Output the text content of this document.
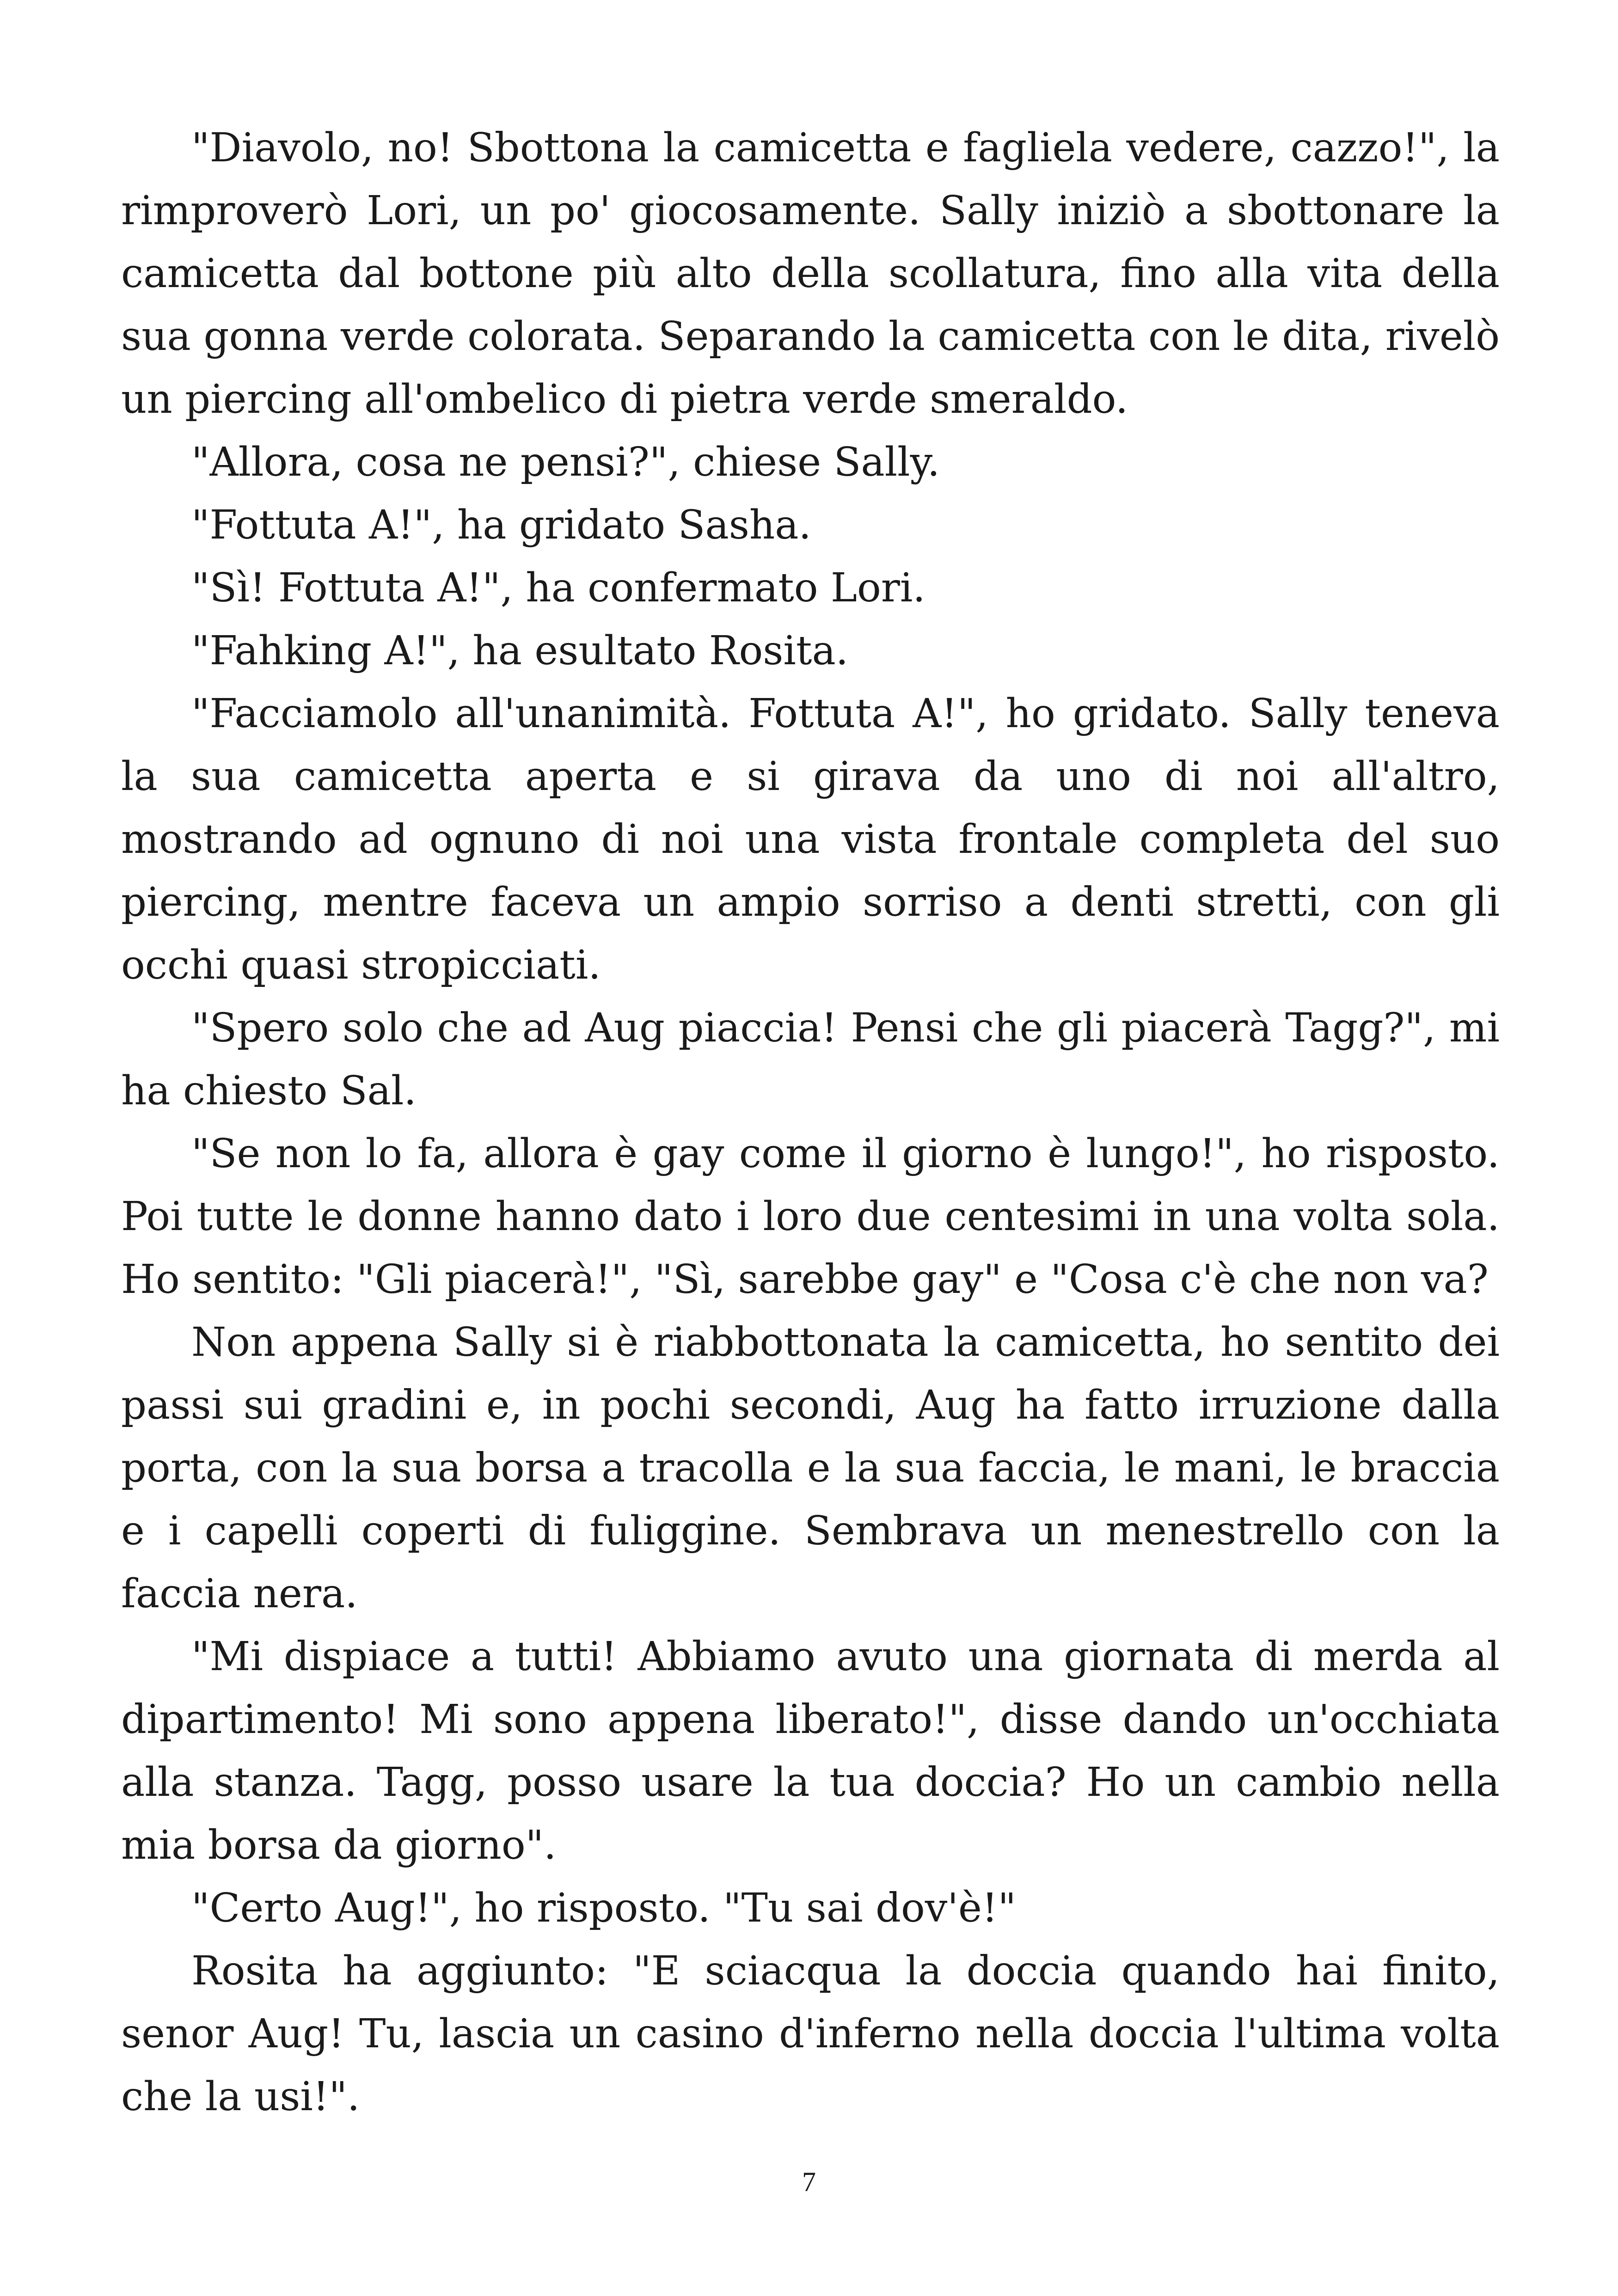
"Diavolo, no! Sbottona la camicetta e fagliela vedere, cazzo!", la rimproverò Lori, un po' giocosamente. Sally iniziò a sbottonare la camicetta dal bottone più alto della scollatura, fino alla vita della sua gonna verde colorata. Separando la camicetta con le dita, rivelò un piercing all'ombelico di pietra verde smeraldo.

"Allora, cosa ne pensi?", chiese Sally.

"Fottuta A!", ha gridato Sasha.

"Sì! Fottuta A!", ha confermato Lori.

"Fahking A!", ha esultato Rosita.

"Facciamolo all'unanimità. Fottuta A!", ho gridato. Sally teneva la sua camicetta aperta e si girava da uno di noi all'altro, mostrando ad ognuno di noi una vista frontale completa del suo piercing, mentre faceva un ampio sorriso a denti stretti, con gli occhi quasi stropicciati.

"Spero solo che ad Aug piaccia! Pensi che gli piacerà Tagg?", mi ha chiesto Sal.

"Se non lo fa, allora è gay come il giorno è lungo!", ho risposto. Poi tutte le donne hanno dato i loro due centesimi in una volta sola. Ho sentito: "Gli piacerà!", "Sì, sarebbe gay" e "Cosa c'è che non va?

Non appena Sally si è riabbottonata la camicetta, ho sentito dei passi sui gradini e, in pochi secondi, Aug ha fatto irruzione dalla porta, con la sua borsa a tracolla e la sua faccia, le mani, le braccia e i capelli coperti di fuliggine. Sembrava un menestrello con la faccia nera.

"Mi dispiace a tutti! Abbiamo avuto una giornata di merda al dipartimento! Mi sono appena liberato!", disse dando un'occhiata alla stanza. Tagg, posso usare la tua doccia? Ho un cambio nella mia borsa da giorno".

"Certo Aug!", ho risposto. "Tu sai dov'è!"

Rosita ha aggiunto: "E sciacqua la doccia quando hai finito, senor Aug! Tu, lascia un casino d'inferno nella doccia l'ultima volta che la usi!".

7
